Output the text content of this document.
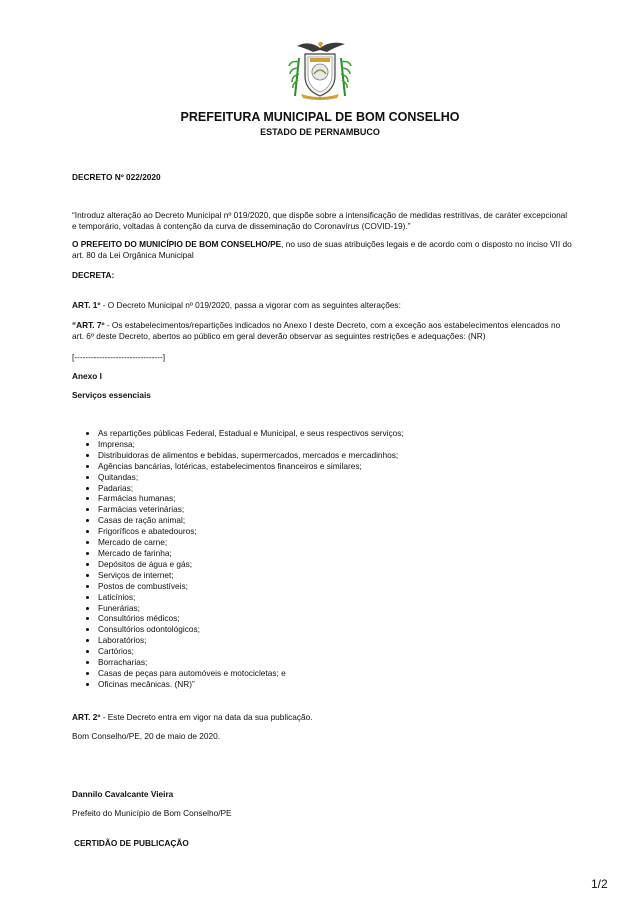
PREFEITURA MUNICIPAL DE BOM CONSELHO
ESTADO DE PERNAMBUCO
DECRETO Nº 022/2020
“Introduz alteração ao Decreto Municipal nº 019/2020, que dispõe sobre a intensificação de medidas restritivas, de caráter excepcional e temporário, voltadas à contenção da curva de disseminação do Coronavírus (COVID-19).”
O PREFEITO DO MUNICÍPIO DE BOM CONSELHO/PE, no uso de suas atribuições legais e de acordo com o disposto no inciso VII do art. 80 da Lei Orgânica Municipal
DECRETA:
ART. 1º - O Decreto Municipal nº 019/2020, passa a vigorar com as seguintes alterações:
“ART. 7º - Os estabelecimentos/repartições indicados no Anexo I deste Decreto, com a exceção aos estabelecimentos elencados no art. 6º deste Decreto, abertos ao público em geral deverão observar as seguintes restrições e adequações: (NR)
[--------------------------------]
Anexo I
Serviços essenciais
• As repartições públicas Federal, Estadual e Municipal, e seus respectivos serviços;
• Imprensa;
• Distribuidoras de alimentos e bebidas, supermercados, mercados e mercadinhos;
• Agências bancárias, lotéricas, estabelecimentos financeiros e similares;
• Quitandas;
• Padarias;
• Farmácias humanas;
• Farmácias veterinárias;
• Casas de ração animal;
• Frigoríficos e abatedouros;
• Mercado de carne;
• Mercado de farinha;
• Depósitos de água e gás;
• Serviços de internet;
• Postos de combustíveis;
• Laticínios;
• Funerárias;
• Consultórios médicos;
• Consultórios odontológicos;
• Laboratórios;
• Cartórios;
• Borracharias;
• Casas de peças para automóveis e motocicletas; e
• Oficinas mecânicas. (NR)”
ART. 2º - Este Decreto entra em vigor na data da sua publicação.
Bom Conselho/PE, 20 de maio de 2020.
Dannilo Cavalcante Vieira
Prefeito do Município de Bom Conselho/PE
CERTIDÃO DE PUBLICAÇÃO
1/2
